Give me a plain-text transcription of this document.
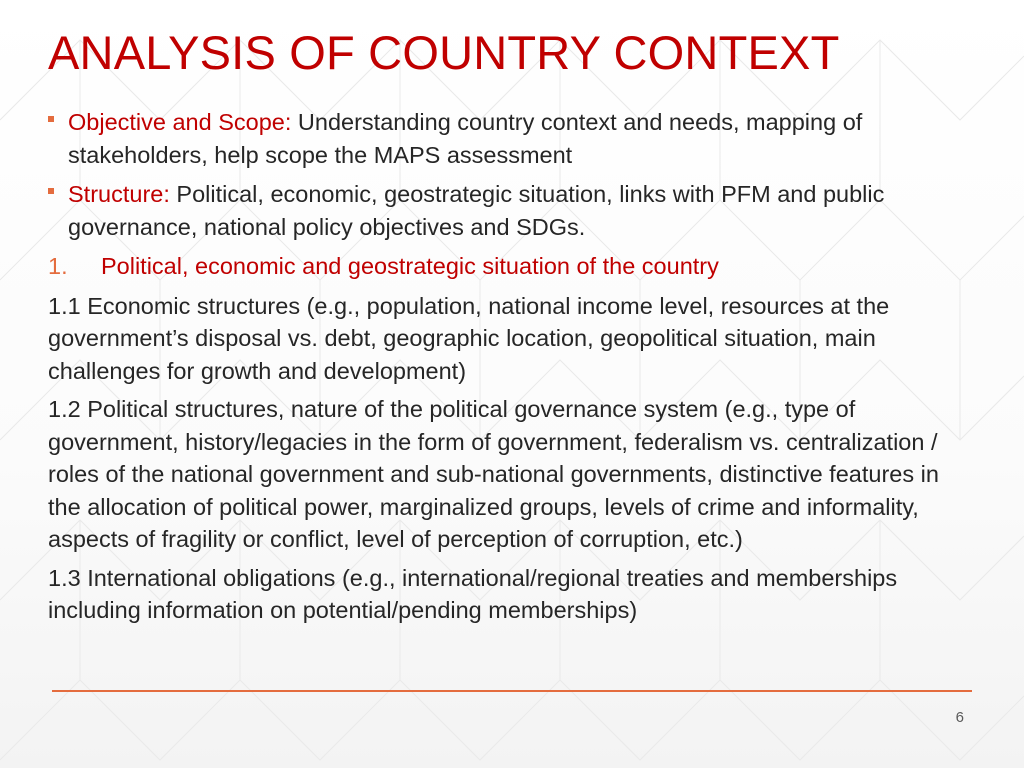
ANALYSIS OF COUNTRY CONTEXT
Objective and Scope: Understanding country context and needs, mapping of stakeholders, help scope the MAPS assessment
Structure: Political, economic, geostrategic situation, links with PFM and public governance, national policy objectives and SDGs.
1. Political, economic and geostrategic situation of the country
1.1 Economic structures (e.g., population, national income level, resources at the government’s disposal vs. debt, geographic location, geopolitical situation, main challenges for growth and development)
1.2 Political structures, nature of the political governance system (e.g., type of government, history/legacies in the form of government, federalism vs. centralization / roles of the national government and sub-national governments, distinctive features in the allocation of political power, marginalized groups, levels of crime and informality, aspects of fragility or conflict, level of perception of corruption, etc.)
1.3 International obligations (e.g., international/regional treaties and memberships including information on potential/pending memberships)
6
